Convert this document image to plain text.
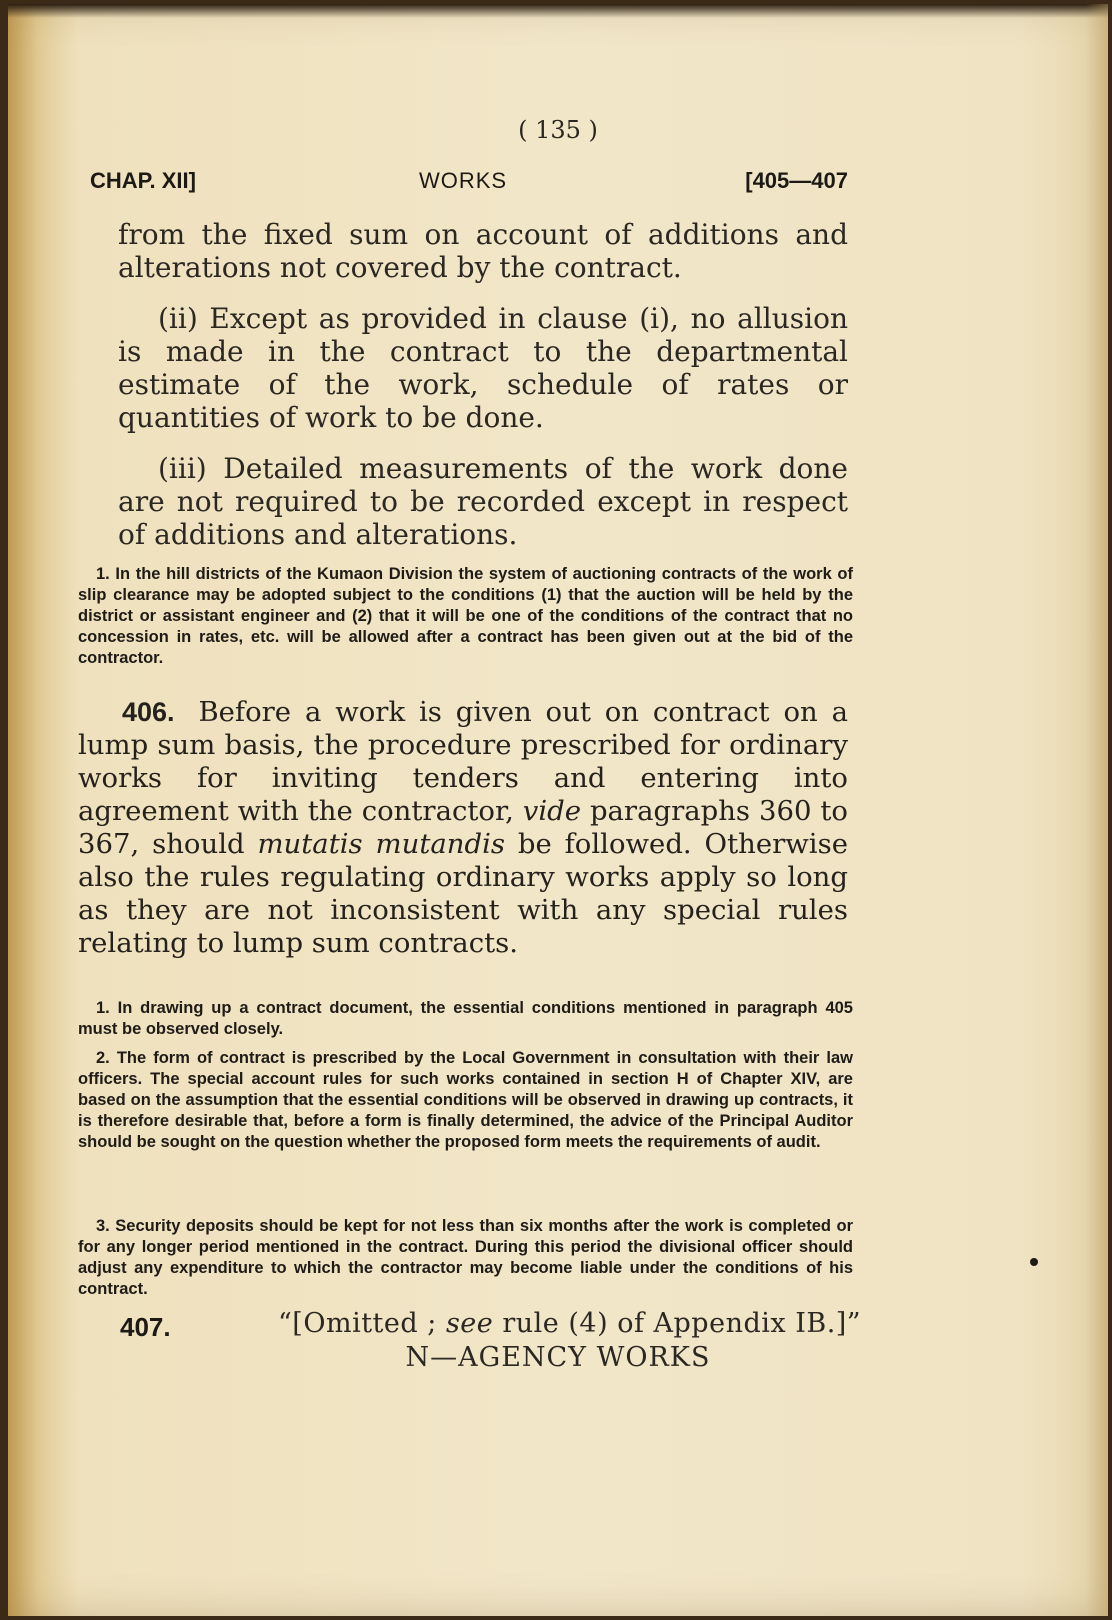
( 135 )
WORKS
CHAP. XII]	[405—407
from the fixed sum on account of additions and alterations not covered by the contract.
(ii) Except as provided in clause (i), no allusion is made in the contract to the departmental estimate of the work, schedule of rates or quantities of work to be done.
(iii) Detailed measurements of the work done are not required to be recorded except in respect of additions and alterations.
1. In the hill districts of the Kumaon Division the system of auctioning contracts of the work of slip clearance may be adopted subject to the conditions (1) that the auction will be held by the district or assistant engineer and (2) that it will be one of the conditions of the contract that no concession in rates, etc. will be allowed after a contract has been given out at the bid of the contractor.
406. Before a work is given out on contract on a lump sum basis, the procedure prescribed for ordinary works for inviting tenders and entering into agreement with the contractor, vide paragraphs 360 to 367, should mutatis mutandis be followed. Otherwise also the rules regulating ordinary works apply so long as they are not inconsistent with any special rules relating to lump sum contracts.
1. In drawing up a contract document, the essential conditions mentioned in paragraph 405 must be observed closely.
2. The form of contract is prescribed by the Local Government in consultation with their law officers. The special account rules for such works contained in section H of Chapter XIV, are based on the assumption that the essential conditions will be observed in drawing up contracts, it is therefore desirable that, before a form is finally determined, the advice of the Principal Auditor should be sought on the question whether the proposed form meets the requirements of audit.
3. Security deposits should be kept for not less than six months after the work is completed or for any longer period mentioned in the contract. During this period the divisional officer should adjust any expenditure to which the contractor may become liable under the conditions of his contract.
407.	“[Omitted ; see rule (4) of Appendix IB.]”
N—AGENCY WORKS
